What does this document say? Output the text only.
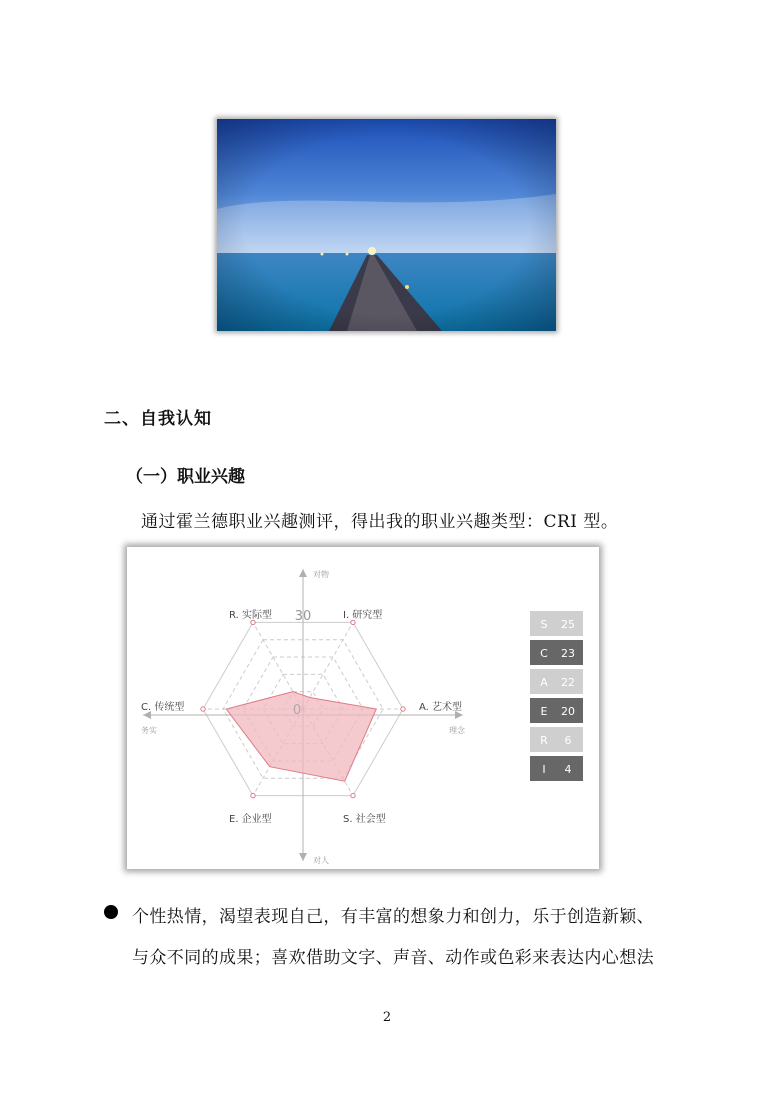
二、自我认知
（一）职业兴趣
通过霍兰德职业兴趣测评，得出我的职业兴趣类型：CRI 型。
30
0
对物
对人
务实	理念
R. 实际型	I. 研究型
A. 艺术型
S. 社会型
E. 企业型
C. 传统型
S 25
C 23
A 22
E 20
R 6
I 4
个性热情，渴望表现自己，有丰富的想象力和创力，乐于创造新颖、
与众不同的成果；喜欢借助文字、声音、动作或色彩来表达内心想法
2
